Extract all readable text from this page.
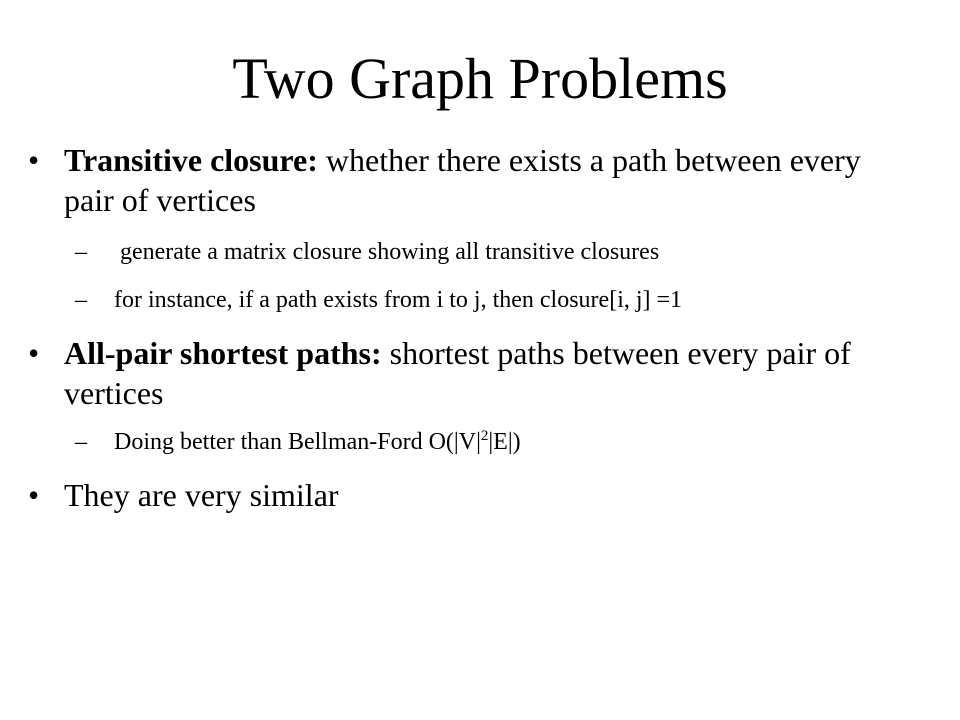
Two Graph Problems

• Transitive closure: whether there exists a path between every pair of vertices

– generate a matrix closure showing all transitive closures

– for instance, if a path exists from i to j, then closure[i, j] =1

• All-pair shortest paths: shortest paths between every pair of vertices

– Doing better than Bellman-Ford $O(|V|^2|E|)$

• They are very similar
